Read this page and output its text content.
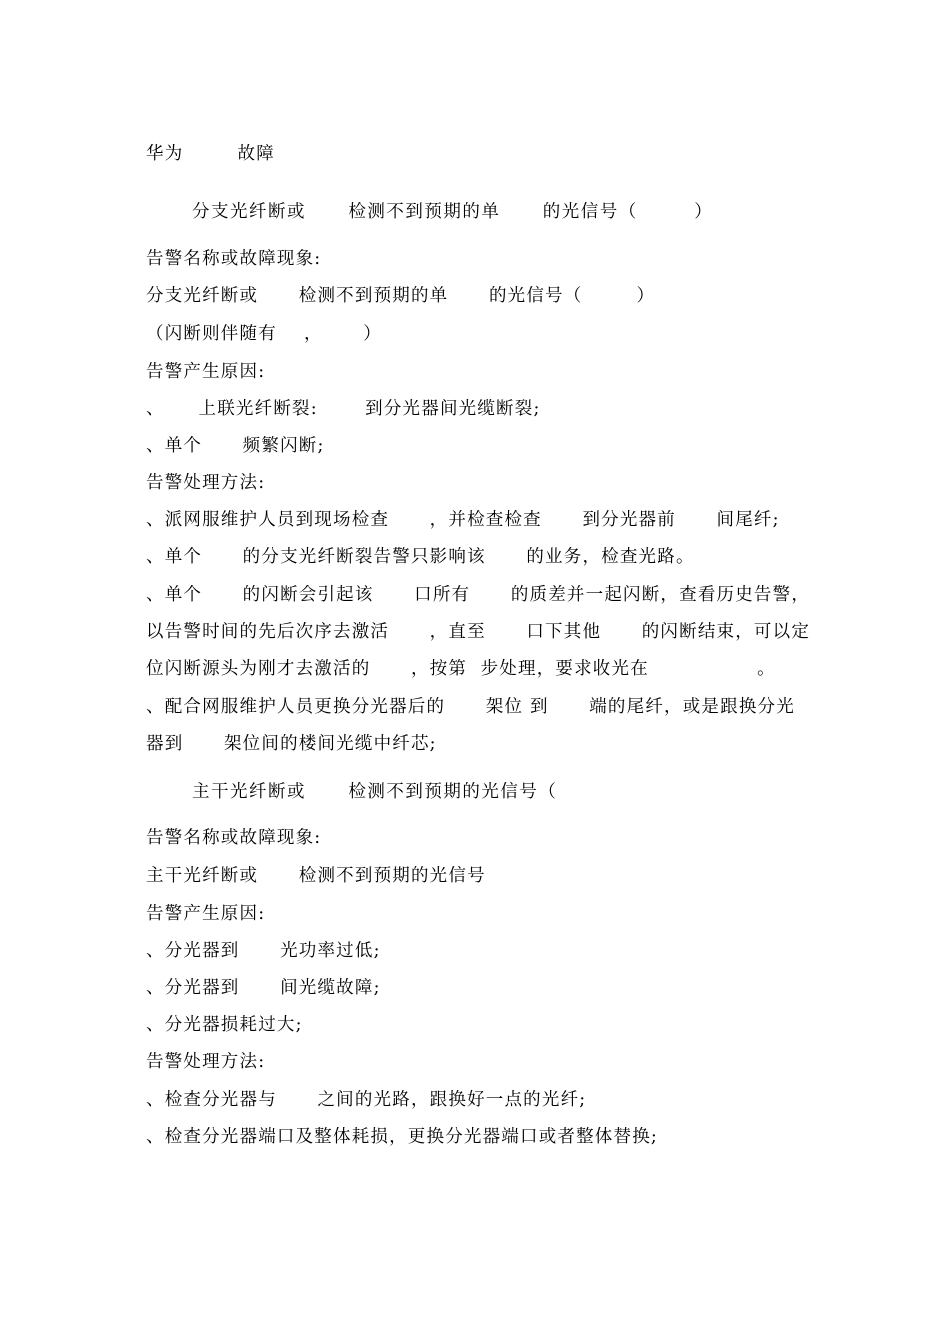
华为        故障
分支光纤断或      检测不到预期的单      的光信号（        ）
告警名称或故障现象:
分支光纤断或      检测不到预期的单      的光信号（        ）
（闪断则伴随有    ，      ）
告警产生原因:
、     上联光纤断裂:       到分光器间光缆断裂;
、单个      频繁闪断;
告警处理方法:
、派网服维护人员到现场检查      ，并检查检查      到分光器前      间尾纤;
、单个      的分支光纤断裂告警只影响该      的业务，检查光路。
、单个      的闪断会引起该      口所有      的质差并一起闪断，查看历史告警，
以告警时间的先后次序去激活      ，直至      口下其他      的闪断结束，可以定
位闪断源头为刚才去激活的      ，按第  步处理，要求收光在                。
、配合网服维护人员更换分光器后的      架位 到      端的尾纤，或是跟换分光
器到      架位间的楼间光缆中纤芯;
主干光纤断或      检测不到预期的光信号（
告警名称或故障现象:
主干光纤断或      检测不到预期的光信号
告警产生原因:
、分光器到      光功率过低;
、分光器到      间光缆故障;
、分光器损耗过大;
告警处理方法:
、检查分光器与      之间的光路，跟换好一点的光纤;
、检查分光器端口及整体耗损，更换分光器端口或者整体替换;
